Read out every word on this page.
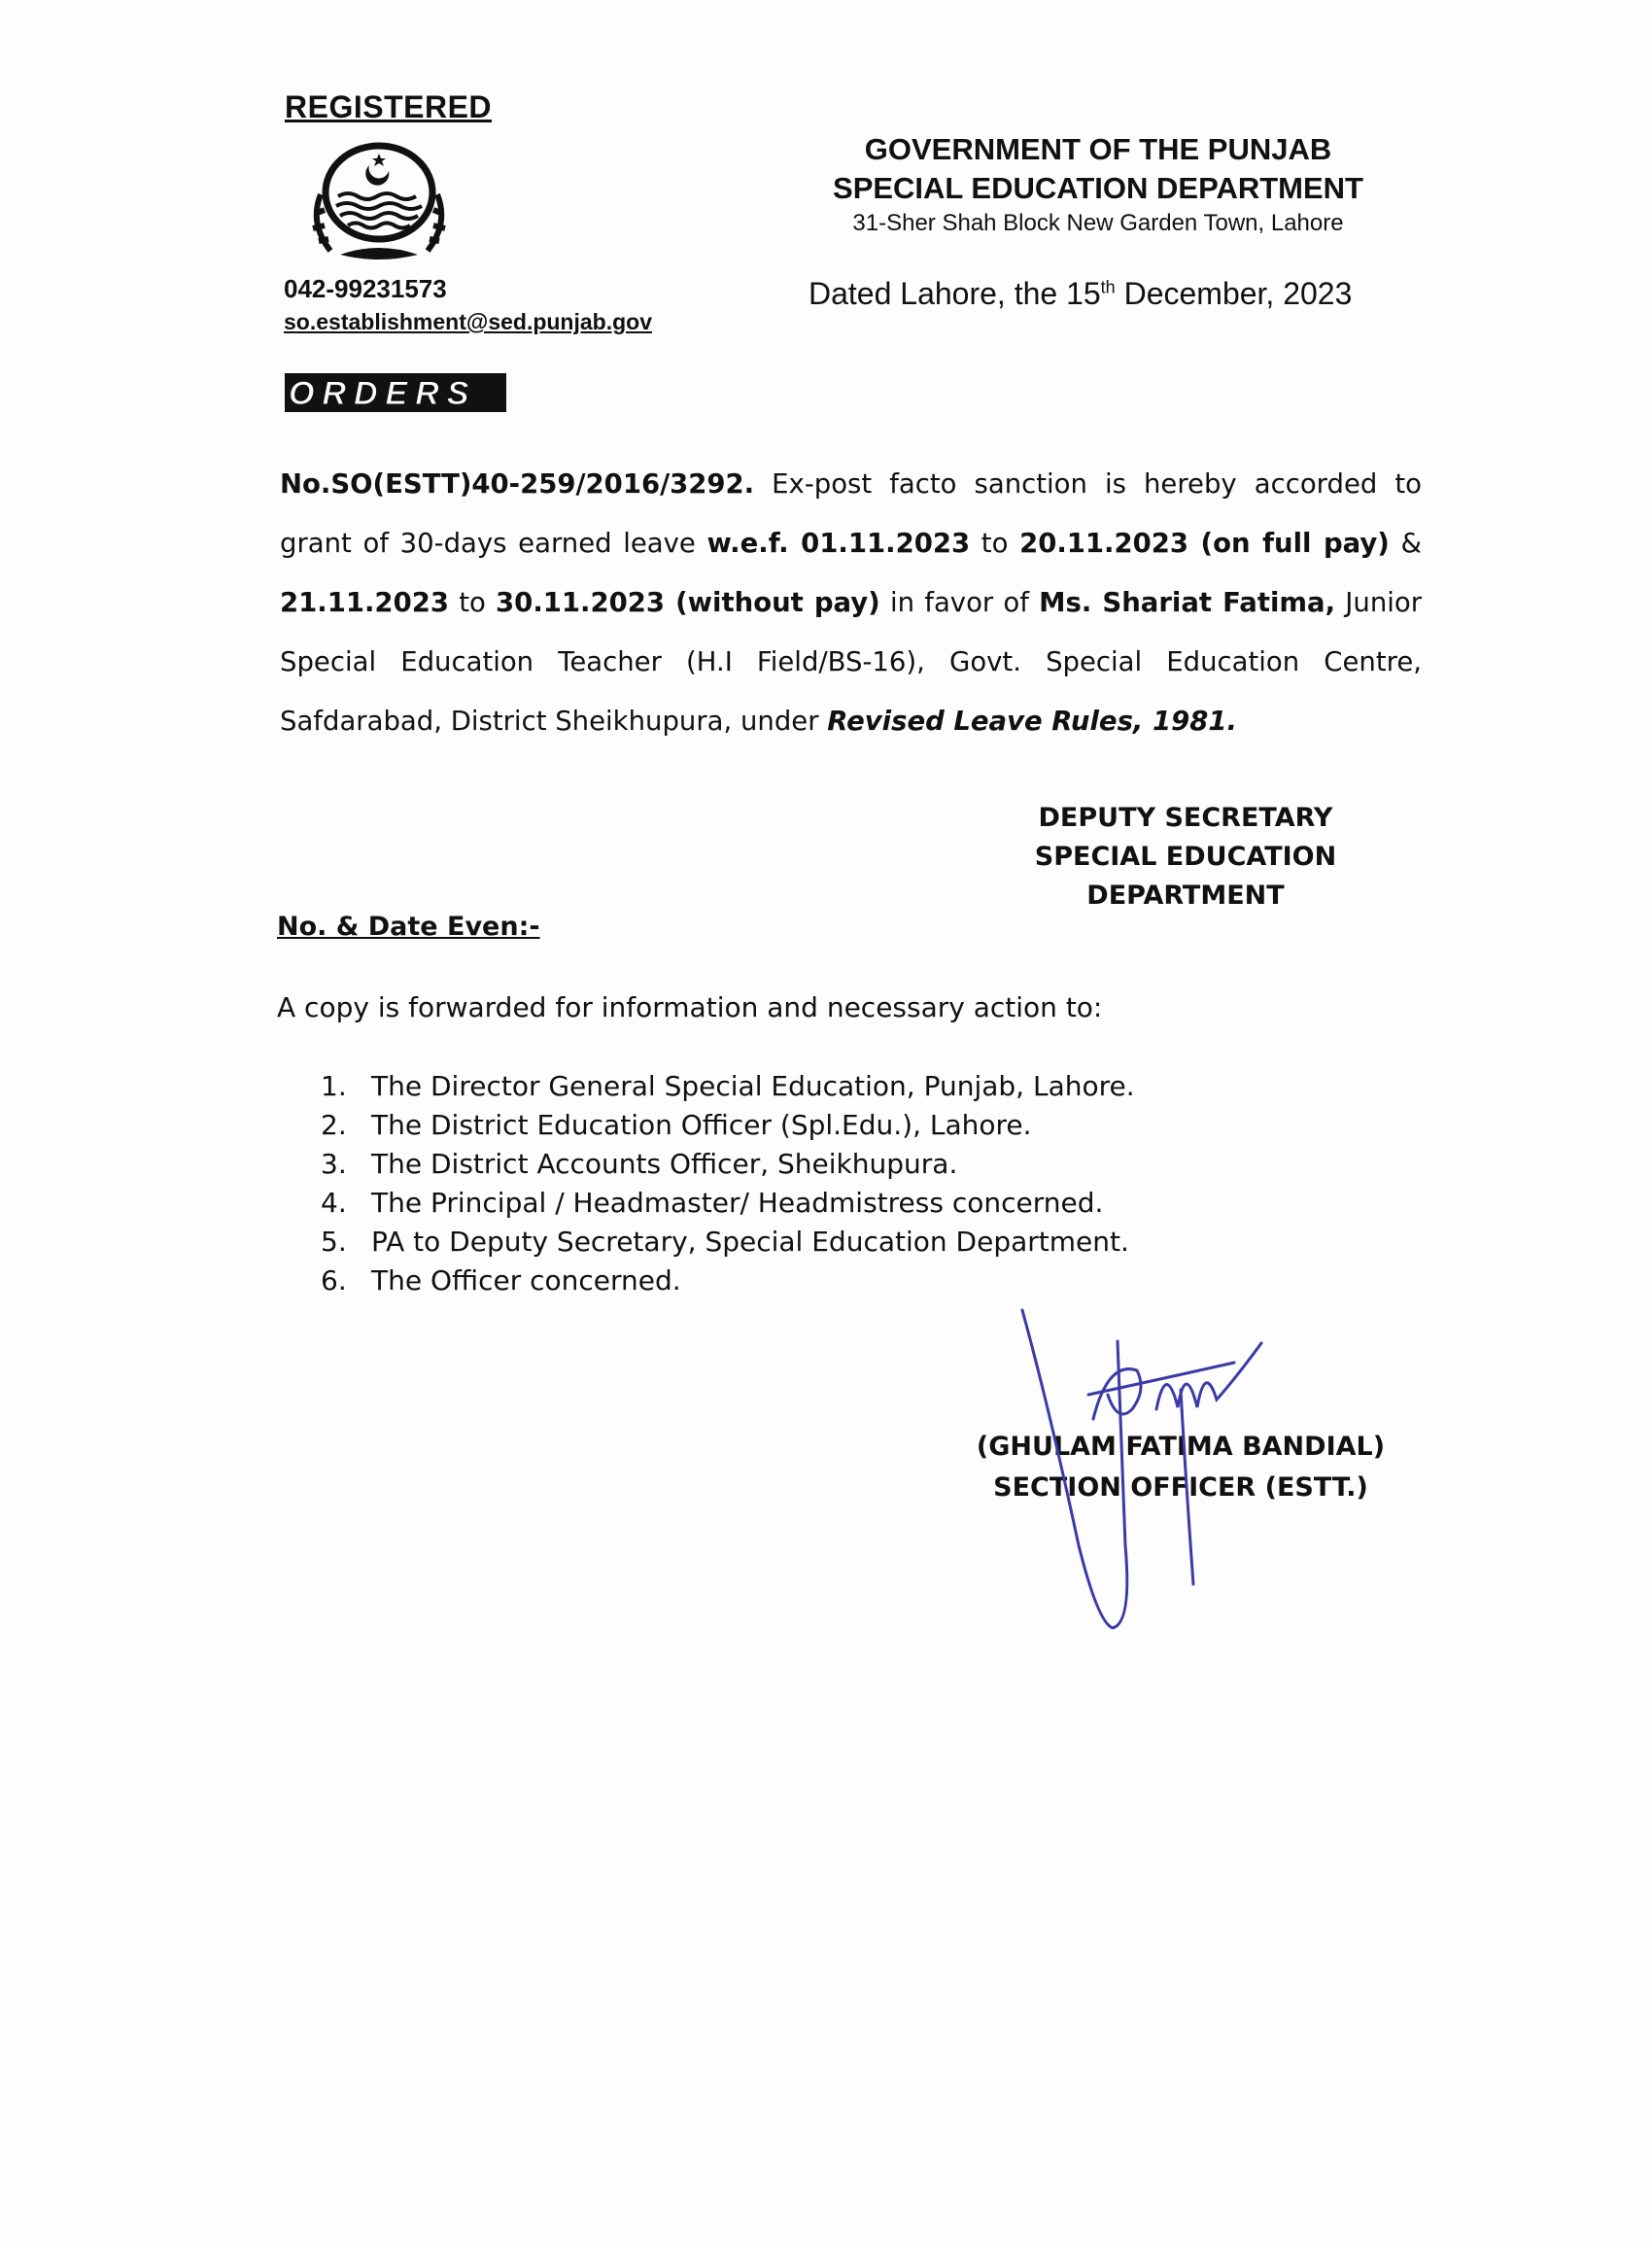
REGISTERED
042-99231573
so.establishment@sed.punjab.gov
GOVERNMENT OF THE PUNJAB
SPECIAL EDUCATION DEPARTMENT
31-Sher Shah Block New Garden Town, Lahore
Dated Lahore, the 15th December, 2023
ORDERS
No.SO(ESTT)40-259/2016/3292. Ex-post facto sanction is hereby accorded to grant of 30-days earned leave w.e.f. 01.11.2023 to 20.11.2023 (on full pay) & 21.11.2023 to 30.11.2023 (without pay) in favor of Ms. Shariat Fatima, Junior Special Education Teacher (H.I Field/BS-16), Govt. Special Education Centre, Safdarabad, District Sheikhupura, under Revised Leave Rules, 1981.
DEPUTY SECRETARY
SPECIAL EDUCATION
DEPARTMENT
No. & Date Even:-
A copy is forwarded for information and necessary action to:
1. The Director General Special Education, Punjab, Lahore.
2. The District Education Officer (Spl.Edu.), Lahore.
3. The District Accounts Officer, Sheikhupura.
4. The Principal / Headmaster/ Headmistress concerned.
5. PA to Deputy Secretary, Special Education Department.
6. The Officer concerned.
(GHULAM FATIMA BANDIAL)
SECTION OFFICER (ESTT.)
